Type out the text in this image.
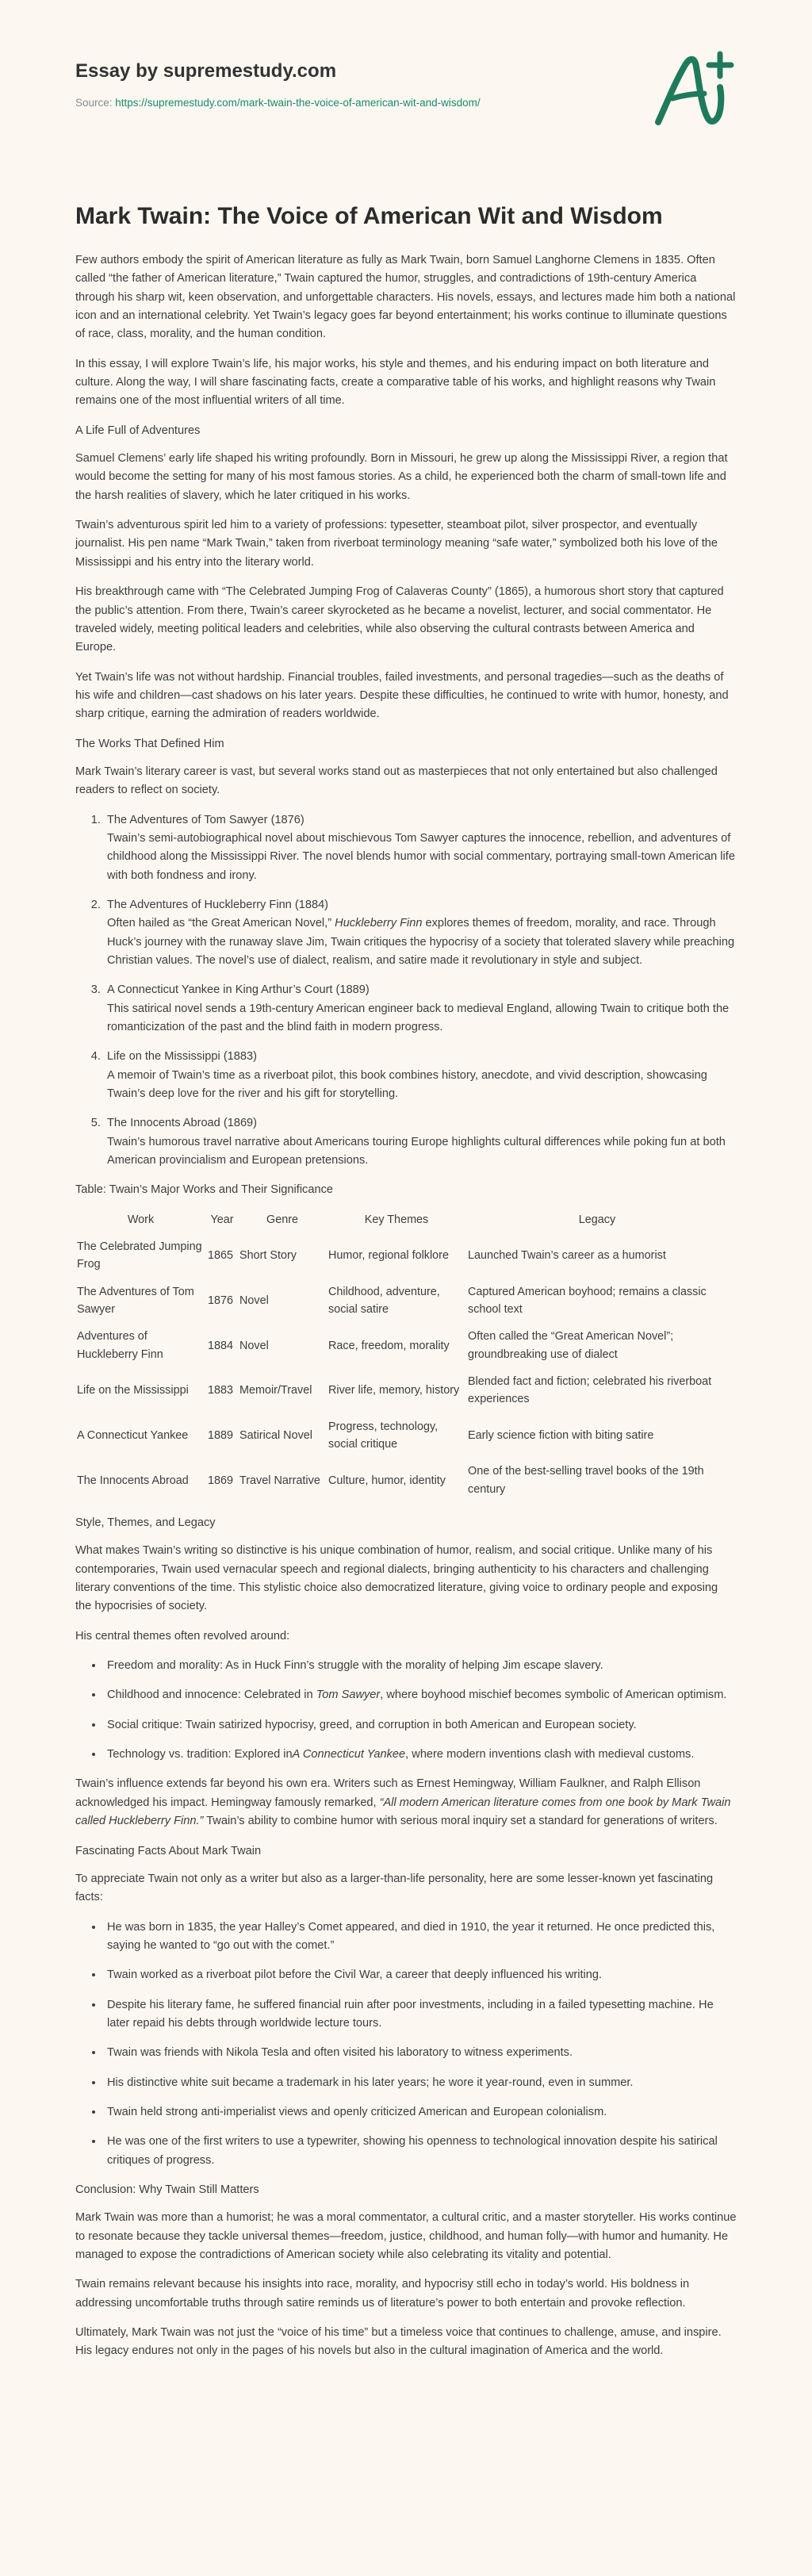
Essay by supremestudy.com
Source: https://supremestudy.com/mark-twain-the-voice-of-american-wit-and-wisdom/
Mark Twain: The Voice of American Wit and Wisdom

Few authors embody the spirit of American literature as fully as Mark Twain, born Samuel Langhorne Clemens in 1835. Often called “the father of American literature,” Twain captured the humor, struggles, and contradictions of 19th-century America through his sharp wit, keen observation, and unforgettable characters. His novels, essays, and lectures made him both a national icon and an international celebrity. Yet Twain’s legacy goes far beyond entertainment; his works continue to illuminate questions of race, class, morality, and the human condition.

In this essay, I will explore Twain’s life, his major works, his style and themes, and his enduring impact on both literature and culture. Along the way, I will share fascinating facts, create a comparative table of his works, and highlight reasons why Twain remains one of the most influential writers of all time.

A Life Full of Adventures

Samuel Clemens’ early life shaped his writing profoundly. Born in Missouri, he grew up along the Mississippi River, a region that would become the setting for many of his most famous stories. As a child, he experienced both the charm of small-town life and the harsh realities of slavery, which he later critiqued in his works.

Twain’s adventurous spirit led him to a variety of professions: typesetter, steamboat pilot, silver prospector, and eventually journalist. His pen name “Mark Twain,” taken from riverboat terminology meaning “safe water,” symbolized both his love of the Mississippi and his entry into the literary world.

His breakthrough came with “The Celebrated Jumping Frog of Calaveras County” (1865), a humorous short story that captured the public’s attention. From there, Twain’s career skyrocketed as he became a novelist, lecturer, and social commentator. He traveled widely, meeting political leaders and celebrities, while also observing the cultural contrasts between America and Europe.

Yet Twain’s life was not without hardship. Financial troubles, failed investments, and personal tragedies—such as the deaths of his wife and children—cast shadows on his later years. Despite these difficulties, he continued to write with humor, honesty, and sharp critique, earning the admiration of readers worldwide.

The Works That Defined Him

Mark Twain’s literary career is vast, but several works stand out as masterpieces that not only entertained but also challenged readers to reflect on society.

1. The Adventures of Tom Sawyer (1876)
Twain’s semi-autobiographical novel about mischievous Tom Sawyer captures the innocence, rebellion, and adventures of childhood along the Mississippi River. The novel blends humor with social commentary, portraying small-town American life with both fondness and irony.
2. The Adventures of Huckleberry Finn (1884)
Often hailed as “the Great American Novel,” Huckleberry Finn explores themes of freedom, morality, and race. Through Huck’s journey with the runaway slave Jim, Twain critiques the hypocrisy of a society that tolerated slavery while preaching Christian values. The novel’s use of dialect, realism, and satire made it revolutionary in style and subject.
3. A Connecticut Yankee in King Arthur’s Court (1889)
This satirical novel sends a 19th-century American engineer back to medieval England, allowing Twain to critique both the romanticization of the past and the blind faith in modern progress.
4. Life on the Mississippi (1883)
A memoir of Twain’s time as a riverboat pilot, this book combines history, anecdote, and vivid description, showcasing Twain’s deep love for the river and his gift for storytelling.
5. The Innocents Abroad (1869)
Twain’s humorous travel narrative about Americans touring Europe highlights cultural differences while poking fun at both American provincialism and European pretensions.

Table: Twain’s Major Works and Their Significance

Work	Year	Genre	Key Themes	Legacy
The Celebrated Jumping Frog	1865	Short Story	Humor, regional folklore	Launched Twain’s career as a humorist
The Adventures of Tom Sawyer	1876	Novel	Childhood, adventure, social satire	Captured American boyhood; remains a classic school text
Adventures of Huckleberry Finn	1884	Novel	Race, freedom, morality	Often called the “Great American Novel”; groundbreaking use of dialect
Life on the Mississippi	1883	Memoir/Travel	River life, memory, history	Blended fact and fiction; celebrated his riverboat experiences
A Connecticut Yankee	1889	Satirical Novel	Progress, technology, social critique	Early science fiction with biting satire
The Innocents Abroad	1869	Travel Narrative	Culture, humor, identity	One of the best-selling travel books of the 19th century
Style, Themes, and Legacy

What makes Twain’s writing so distinctive is his unique combination of humor, realism, and social critique. Unlike many of his contemporaries, Twain used vernacular speech and regional dialects, bringing authenticity to his characters and challenging literary conventions of the time. This stylistic choice also democratized literature, giving voice to ordinary people and exposing the hypocrisies of society.

His central themes often revolved around:

• Freedom and morality: As in Huck Finn’s struggle with the morality of helping Jim escape slavery.
• Childhood and innocence: Celebrated in Tom Sawyer, where boyhood mischief becomes symbolic of American optimism.
• Social critique: Twain satirized hypocrisy, greed, and corruption in both American and European society.
• Technology vs. tradition: Explored inA Connecticut Yankee, where modern inventions clash with medieval customs.

Twain’s influence extends far beyond his own era. Writers such as Ernest Hemingway, William Faulkner, and Ralph Ellison acknowledged his impact. Hemingway famously remarked, “All modern American literature comes from one book by Mark Twain called Huckleberry Finn.” Twain’s ability to combine humor with serious moral inquiry set a standard for generations of writers.

Fascinating Facts About Mark Twain

To appreciate Twain not only as a writer but also as a larger-than-life personality, here are some lesser-known yet fascinating facts:

• He was born in 1835, the year Halley’s Comet appeared, and died in 1910, the year it returned. He once predicted this, saying he wanted to “go out with the comet.”
• Twain worked as a riverboat pilot before the Civil War, a career that deeply influenced his writing.
• Despite his literary fame, he suffered financial ruin after poor investments, including in a failed typesetting machine. He later repaid his debts through worldwide lecture tours.
• Twain was friends with Nikola Tesla and often visited his laboratory to witness experiments.
• His distinctive white suit became a trademark in his later years; he wore it year-round, even in summer.
• Twain held strong anti-imperialist views and openly criticized American and European colonialism.
• He was one of the first writers to use a typewriter, showing his openness to technological innovation despite his satirical critiques of progress.
Conclusion: Why Twain Still Matters

Mark Twain was more than a humorist; he was a moral commentator, a cultural critic, and a master storyteller. His works continue to resonate because they tackle universal themes—freedom, justice, childhood, and human folly—with humor and humanity. He managed to expose the contradictions of American society while also celebrating its vitality and potential.

Twain remains relevant because his insights into race, morality, and hypocrisy still echo in today’s world. His boldness in addressing uncomfortable truths through satire reminds us of literature’s power to both entertain and provoke reflection.

Ultimately, Mark Twain was not just the “voice of his time” but a timeless voice that continues to challenge, amuse, and inspire. His legacy endures not only in the pages of his novels but also in the cultural imagination of America and the world.
